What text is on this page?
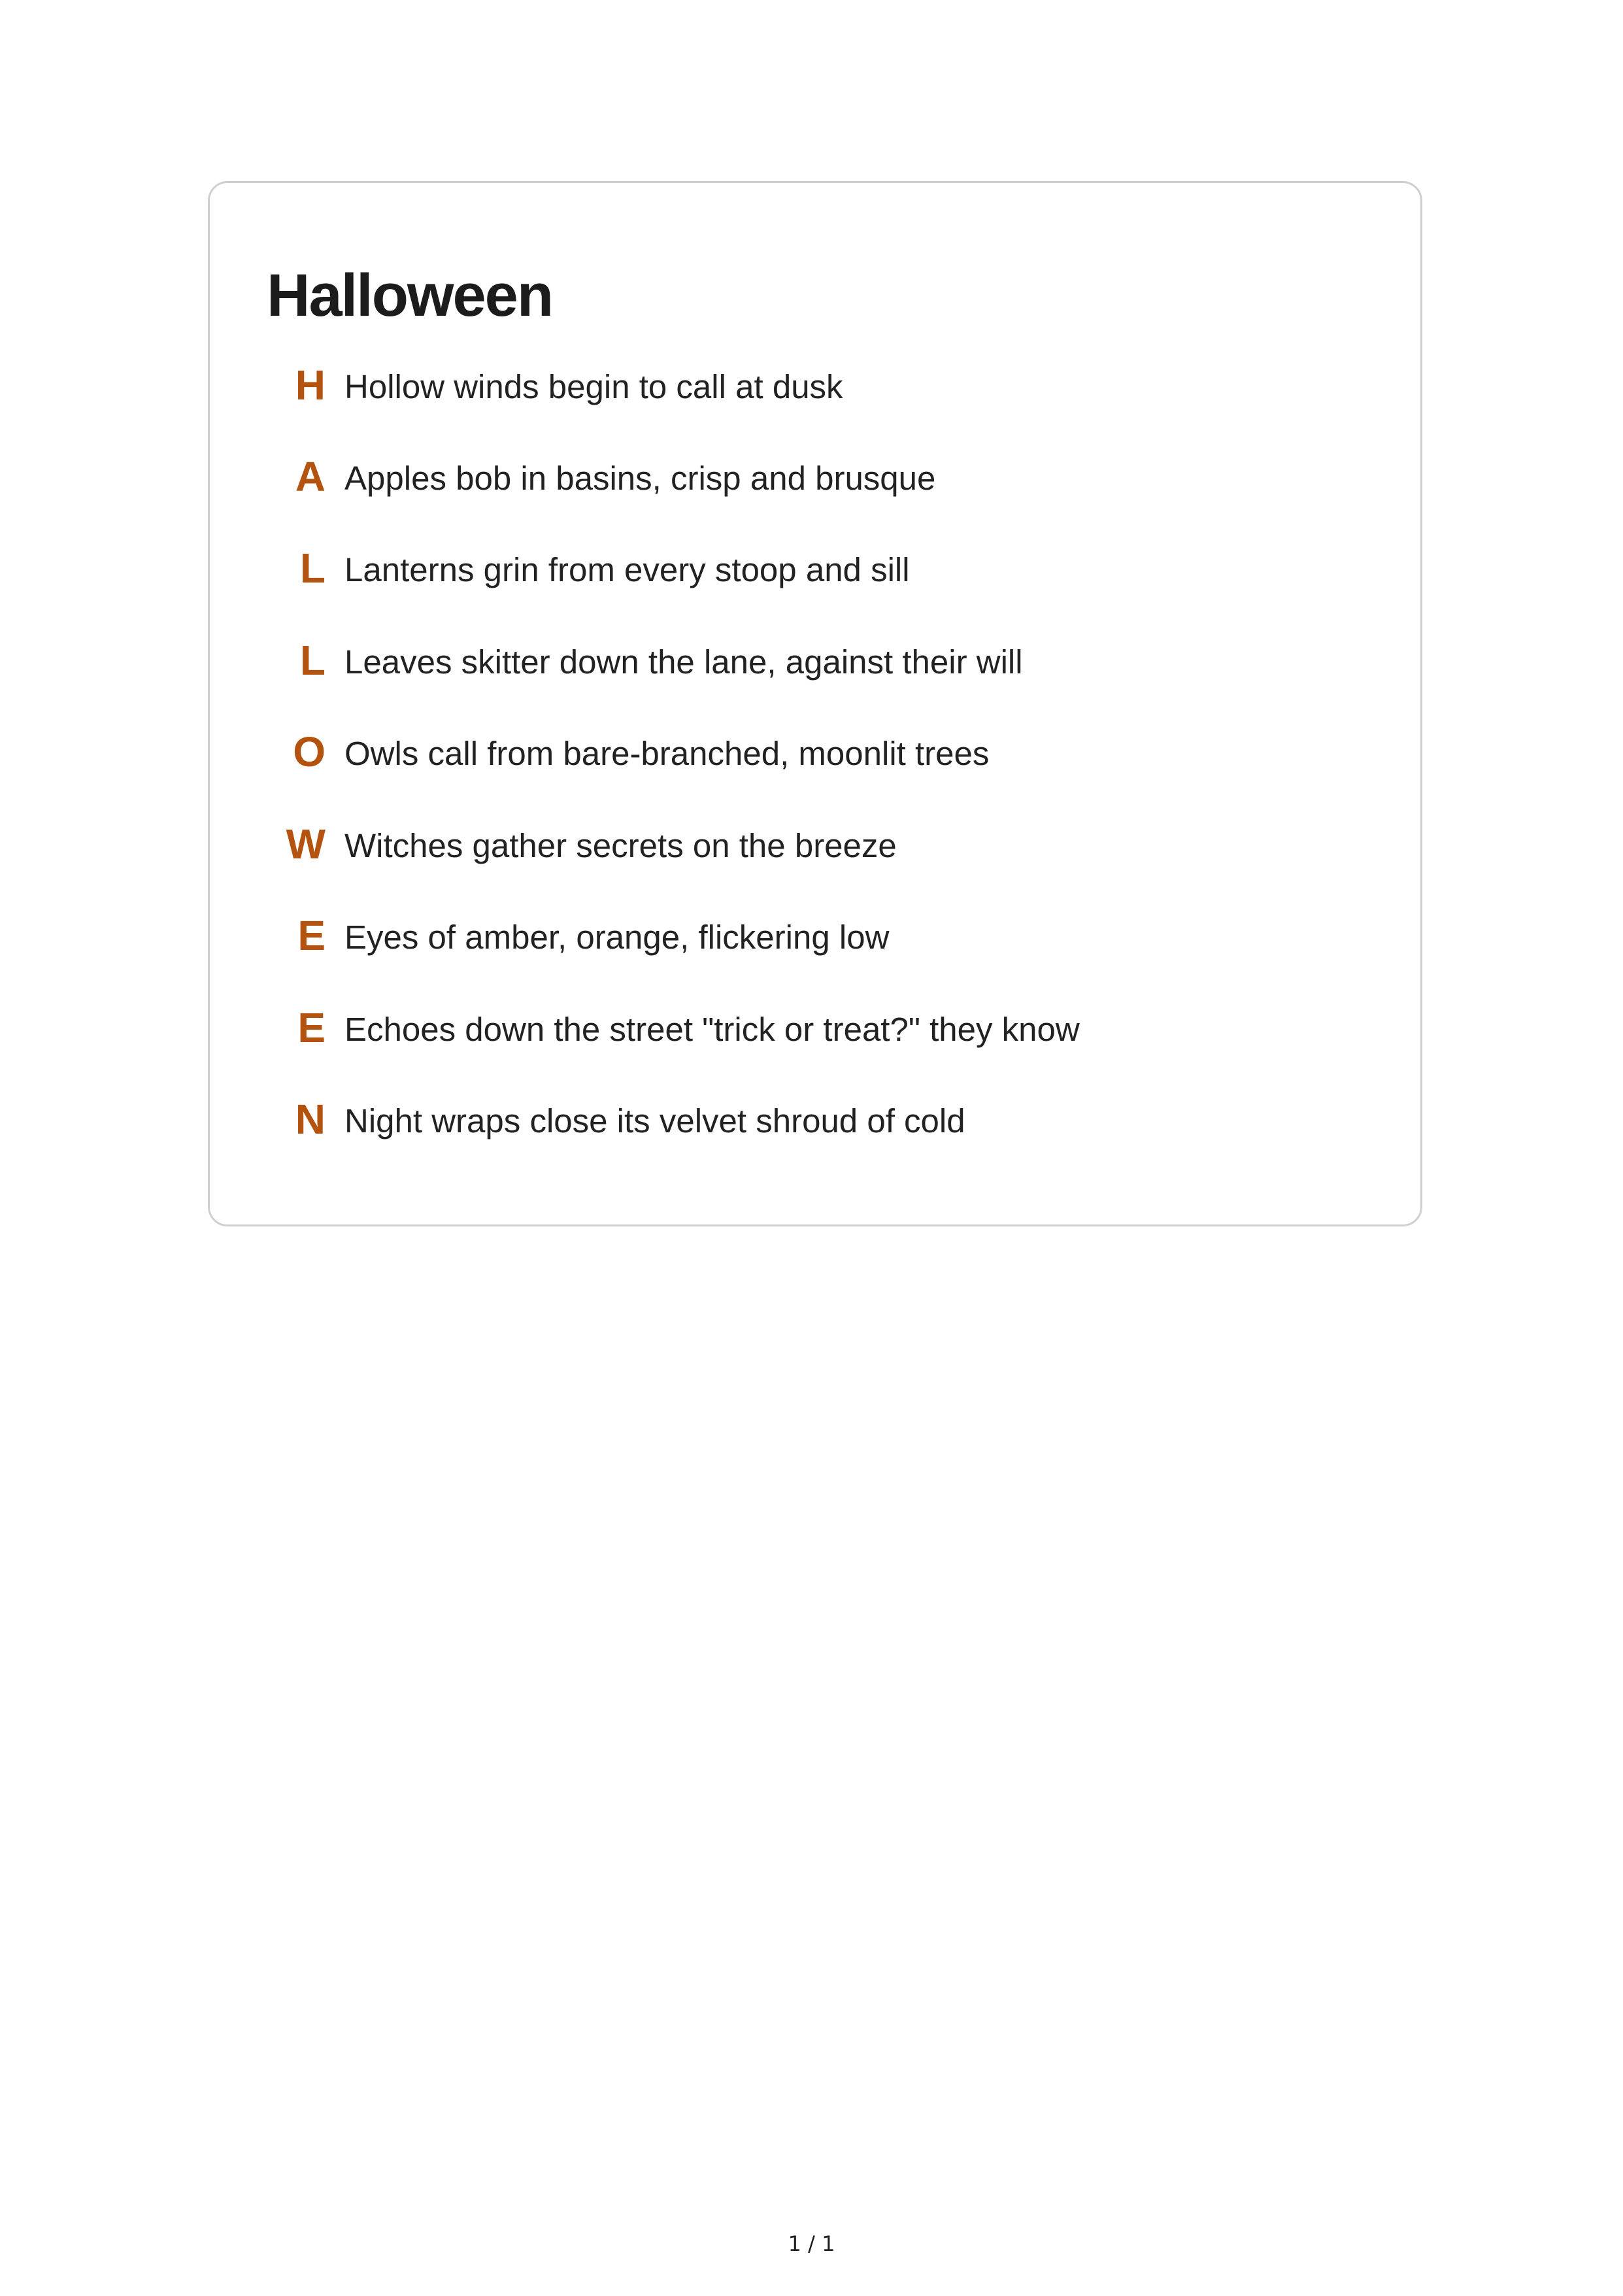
Halloween
H Hollow winds begin to call at dusk
A Apples bob in basins, crisp and brusque
L Lanterns grin from every stoop and sill
L Leaves skitter down the lane, against their will
O Owls call from bare-branched, moonlit trees
W Witches gather secrets on the breeze
E Eyes of amber, orange, flickering low
E Echoes down the street "trick or treat?" they know
N Night wraps close its velvet shroud of cold
1 / 1
